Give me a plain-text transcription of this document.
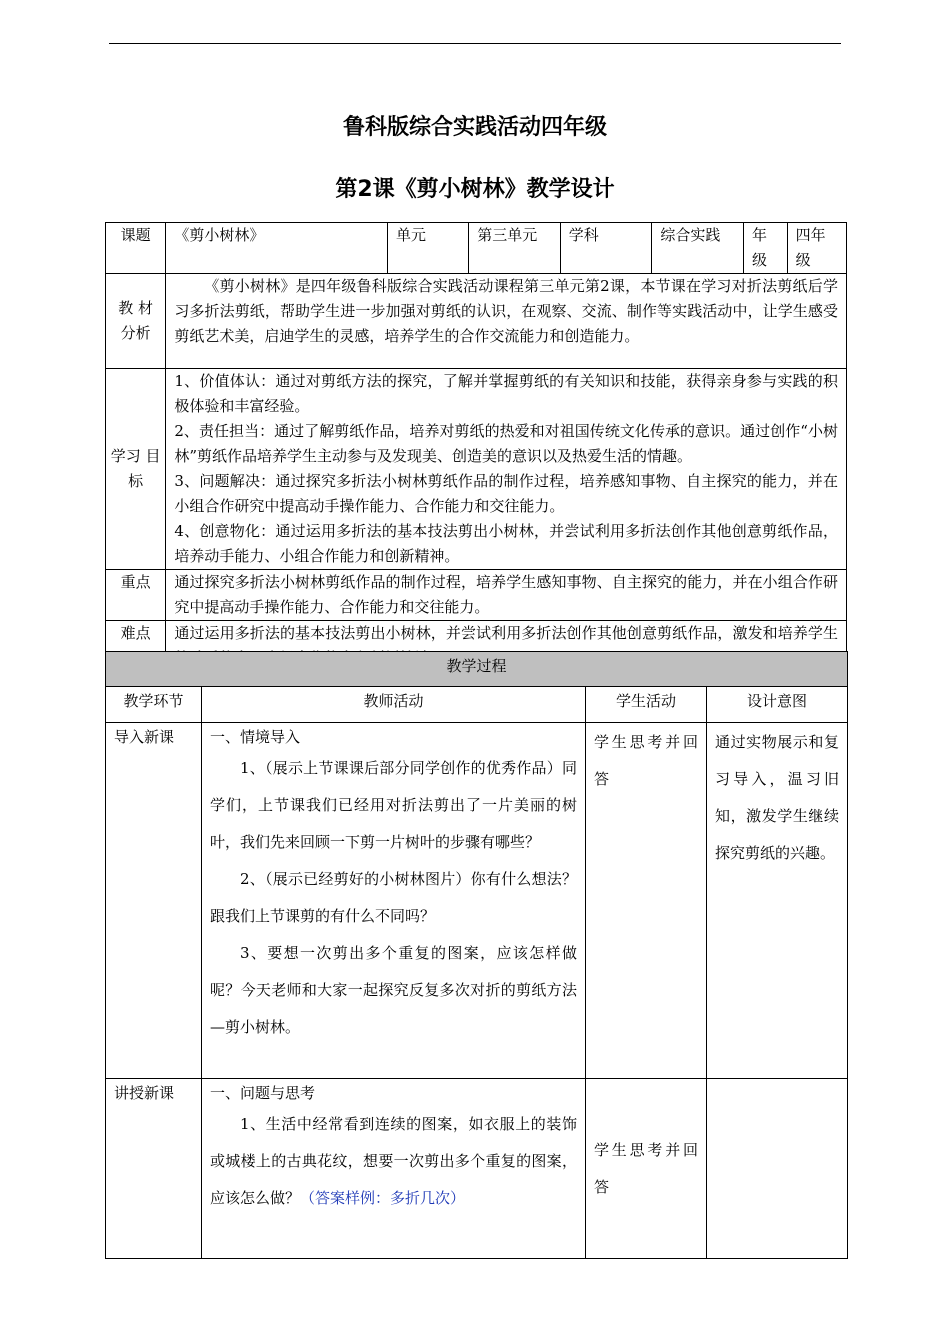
鲁科版综合实践活动四年级
第2课《剪小树林》教学设计
课题	《剪小树林》	单元	第三单元	学科	综合实践	年级	四年级
教 材 分析	《剪小树林》是四年级鲁科版综合实践活动课程第三单元第2课，本节课在学习对折法剪纸后学习多折法剪纸，帮助学生进一步加强对剪纸的认识，在观察、交流、制作等实践活动中，让学生感受剪纸艺术美，启迪学生的灵感，培养学生的合作交流能力和创造能力。						
学习 目标	1、价值体认：通过对剪纸方法的探究，了解并掌握剪纸的有关知识和技能，获得亲身参与实践的积极体验和丰富经验。
2、责任担当：通过了解剪纸作品，培养对剪纸的热爱和对祖国传统文化传承的意识。通过创作“小树林”剪纸作品培养学生主动参与及发现美、创造美的意识以及热爱生活的情趣。
3、问题解决：通过探究多折法小树林剪纸作品的制作过程，培养感知事物、自主探究的能力，并在小组合作研究中提高动手操作能力、合作能力和交往能力。
4、创意物化：通过运用多折法的基本技法剪出小树林，并尝试利用多折法创作其他创意剪纸作品，培养动手能力、小组合作能力和创新精神。						

重点	通过探究多折法小树林剪纸作品的制作过程，培养学生感知事物、自主探究的能力，并在小组合作研究中提高动手操作能力、合作能力和交往能力。						
难点	通过运用多折法的基本技法剪出小树林，并尝试利用多折法创作其他创意剪纸作品，激发和培养学生						
教学过程			
教学环节	教师活动	学生活动	设计意图
导入新课	一、情境导入
1、（展示上节课课后部分同学创作的优秀作品）同学们，上节课我们已经用对折法剪出了一片美丽的树叶，我们先来回顾一下剪一片树叶的步骤有哪些？
2、（展示已经剪好的小树林图片）你有什么想法？跟我们上节课剪的有什么不同吗？
3、要想一次剪出多个重复的图案，应该怎样做呢？今天老师和大家一起探究反复多次对折的剪纸方法—剪小树林。	学生思考并回答	通过实物展示和复习导入，温习旧知，激发学生继续探究剪纸的兴趣。
讲授新课	一、问题与思考
1、生活中经常看到连续的图案，如衣服上的装饰或城楼上的古典花纹，想要一次剪出多个重复的图案，应该怎么做？（答案样例：多折几次）	学生思考并回答	
